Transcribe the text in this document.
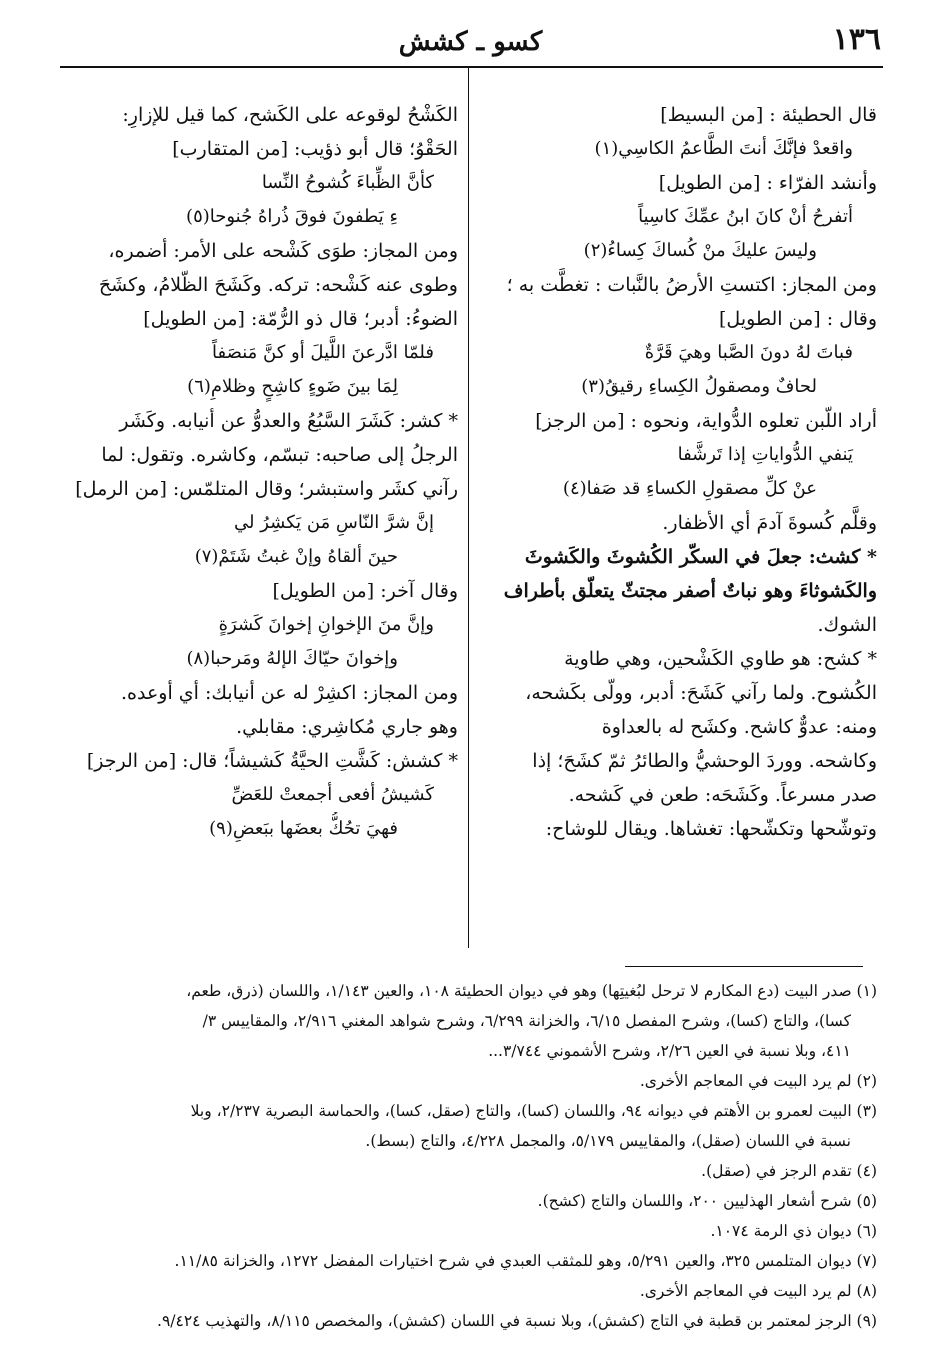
١٣٦
كسو ـ كشش
قال الحطيئة : [من البسيط]
واقعدْ فإنَّكَ أنتَ الطَّاعمُ الكاسِي(١)
وأنشد الفرّاء : [من الطويل]
أتفرحُ أنْ كانَ ابنُ عمِّكَ كاسِياً
وليسَ عليكَ منْ كُساكَ كِساءُ(٢)
ومن المجاز: اكتستِ الأرضُ بالنَّبات : تغطَّت به ؛
وقال : [من الطويل]
فباتَ لهُ دونَ الصَّبا وهيَ قَرَّةٌ
لحافٌ ومصقولُ الكِساءِ رقيقُ(٣)
أراد اللّبن تعلوه الدُّواية، ونحوه : [من الرجز]
يَنفي الدُّواياتِ إذا تَرشَّفا
عنْ كلِّ مصقولِ الكساءِ قد صَفا(٤)
وقلَّم كُسوةَ آدمَ أي الأظفار.
* كشث: جعلَ في السكّر الكُشوثَ والكَشوثَ
والكَشوثاءَ وهو نباتٌ أصفر مجتثّ يتعلّق بأطراف
الشوك.
* كشح: هو طاوي الكَشْحين، وهي طاوية
الكُشوح. ولما رآني كَشَحَ: أدبر، وولّى بكَشحه،
ومنه: عدوٌّ كاشح. وكشَح له بالعداوة
وكاشحه. ووردَ الوحشيُّ والطائرُ ثمّ كشَحَ؛ إذا
صدر مسرعاً. وكَشَحَه: طعن في كَشحه.
وتوشّحها وتكشّحها: تغشاها. ويقال للوشاح:
الكَشْحُ لوقوعه على الكَشح، كما قيل للإزارِ:
الحَقْوُ؛ قال أبو ذؤيب: [من المتقارب]
كأنَّ الظِّباءَ كُشوحُ النِّسا
ءِ يَطفونَ فوقَ ذُراهُ جُنوحا(٥)
ومن المجاز: طوَى كَشْحه على الأمر: أضمره،
وطوى عنه كَشْحه: تركه. وكَشَحَ الظّلامُ، وكشَحَ
الضوءُ: أدبر؛ قال ذو الرُّمّة: [من الطويل]
فلمّا ادَّرعنَ اللَّيلَ أو كنَّ مَنصَفاً
لِمَا بينَ ضَوءٍ كاشِحٍ وظلامِ(٦)
* كشر: كَشَرَ السَّبُعُ والعدوُّ عن أنيابه. وكَشَر
الرجلُ إلى صاحبه: تبسّم، وكاشره. وتقول: لما
رآني كشَر واستبشر؛ وقال المتلمّس: [من الرمل]
إنَّ شرَّ النّاسِ مَن يَكشِرُ لي
حينَ ألقاهُ وإنْ غبتُ شَتَمْ(٧)
وقال آخر: [من الطويل]
وإنَّ منَ الإخوانِ إخوانَ كَشرَةٍ
وإخوانَ حيّاكَ الإلهُ ومَرحبا(٨)
ومن المجاز: اكشِرْ له عن أنيابك: أي أوعده.
وهو جاري مُكاشِري: مقابلي.
* كشش: كَشَّتِ الحيَّةُ كَشيشاً؛ قال: [من الرجز]
كَشيشُ أفعى أجمعتْ للعَضِّ
فهيَ تحُكُّ بعضَها ببَعضِ(٩)
(١) صدر البيت (دع المكارم لا ترحل لبُغيتِها) وهو في ديوان الحطيئة ١٠٨، والعين ١/١٤٣، واللسان (ذرق، طعم،
كسا)، والتاج (كسا)، وشرح المفصل ٦/١٥، والخزانة ٦/٢٩٩، وشرح شواهد المغني ٢/٩١٦، والمقاييس ٣/
٤١١، وبلا نسبة في العين ٢/٢٦، وشرح الأشموني ٣/٧٤٤...
(٢) لم يرد البيت في المعاجم الأخرى.
(٣) البيت لعمرو بن الأهتم في ديوانه ٩٤، واللسان (كسا)، والتاج (صقل، كسا)، والحماسة البصرية ٢/٢٣٧، وبلا
نسبة في اللسان (صقل)، والمقاييس ٥/١٧٩، والمجمل ٤/٢٢٨، والتاج (بسط).
(٤) تقدم الرجز في (صقل).
(٥) شرح أشعار الهذليين ٢٠٠، واللسان والتاج (كشح).
(٦) ديوان ذي الرمة ١٠٧٤.
(٧) ديوان المتلمس ٣٢٥، والعين ٥/٢٩١، وهو للمثقب العبدي في شرح اختيارات المفضل ١٢٧٢، والخزانة ١١/٨٥.
(٨) لم يرد البيت في المعاجم الأخرى.
(٩) الرجز لمعتمر بن قطبة في التاج (كشش)، وبلا نسبة في اللسان (كشش)، والمخصص ٨/١١٥، والتهذيب ٩/٤٢٤.
